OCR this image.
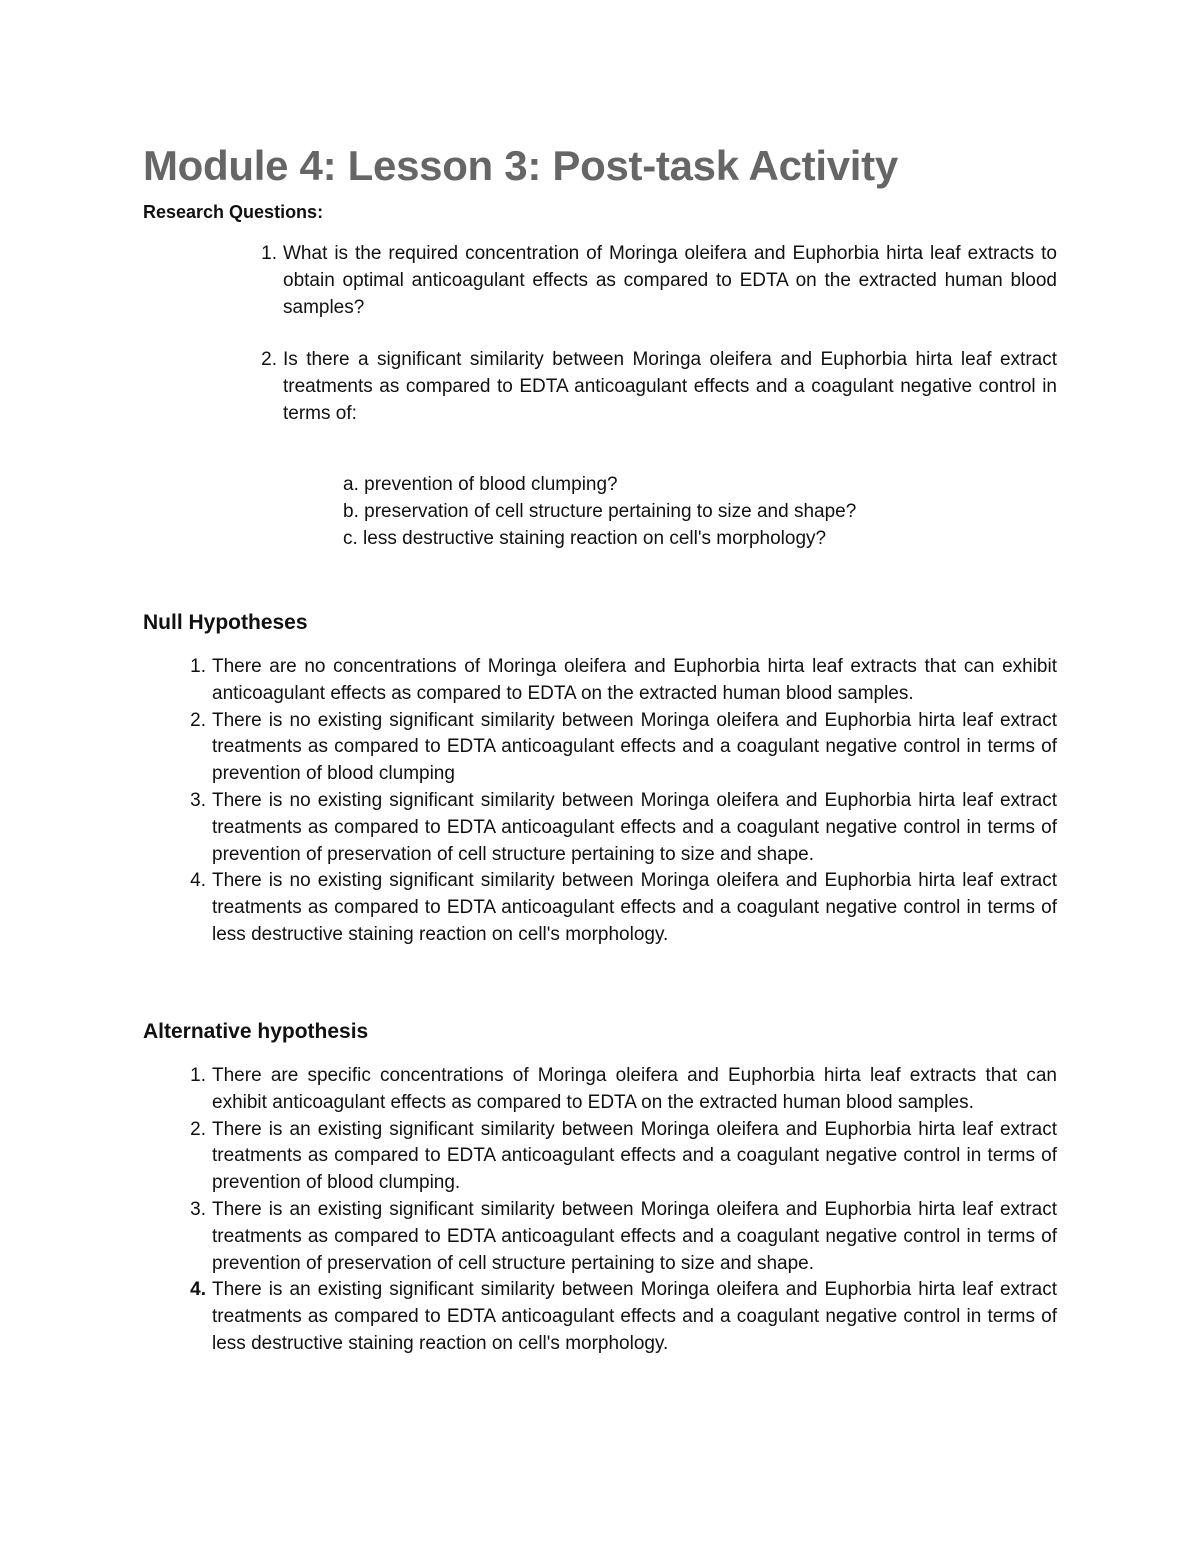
Module 4: Lesson 3: Post-task Activity
Research Questions:
1. What is the required concentration of Moringa oleifera and Euphorbia hirta leaf extracts to obtain optimal anticoagulant effects as compared to EDTA on the extracted human blood samples?
2. Is there a significant similarity between Moringa oleifera and Euphorbia hirta leaf extract treatments as compared to EDTA anticoagulant effects and a coagulant negative control in terms of:
a. prevention of blood clumping?
b. preservation of cell structure pertaining to size and shape?
c. less destructive staining reaction on cell's morphology?
Null Hypotheses
1. There are no concentrations of Moringa oleifera and Euphorbia hirta leaf extracts that can exhibit anticoagulant effects as compared to EDTA on the extracted human blood samples.
2. There is no existing significant similarity between Moringa oleifera and Euphorbia hirta leaf extract treatments as compared to EDTA anticoagulant effects and a coagulant negative control in terms of prevention of blood clumping
3. There is no existing significant similarity between Moringa oleifera and Euphorbia hirta leaf extract treatments as compared to EDTA anticoagulant effects and a coagulant negative control in terms of prevention of preservation of cell structure pertaining to size and shape.
4. There is no existing significant similarity between Moringa oleifera and Euphorbia hirta leaf extract treatments as compared to EDTA anticoagulant effects and a coagulant negative control in terms of less destructive staining reaction on cell's morphology.
Alternative hypothesis
1. There are specific concentrations of Moringa oleifera and Euphorbia hirta leaf extracts that can exhibit anticoagulant effects as compared to EDTA on the extracted human blood samples.
2. There is an existing significant similarity between Moringa oleifera and Euphorbia hirta leaf extract treatments as compared to EDTA anticoagulant effects and a coagulant negative control in terms of prevention of blood clumping.
3. There is an existing significant similarity between Moringa oleifera and Euphorbia hirta leaf extract treatments as compared to EDTA anticoagulant effects and a coagulant negative control in terms of prevention of preservation of cell structure pertaining to size and shape.
4. There is an existing significant similarity between Moringa oleifera and Euphorbia hirta leaf extract treatments as compared to EDTA anticoagulant effects and a coagulant negative control in terms of less destructive staining reaction on cell's morphology.
